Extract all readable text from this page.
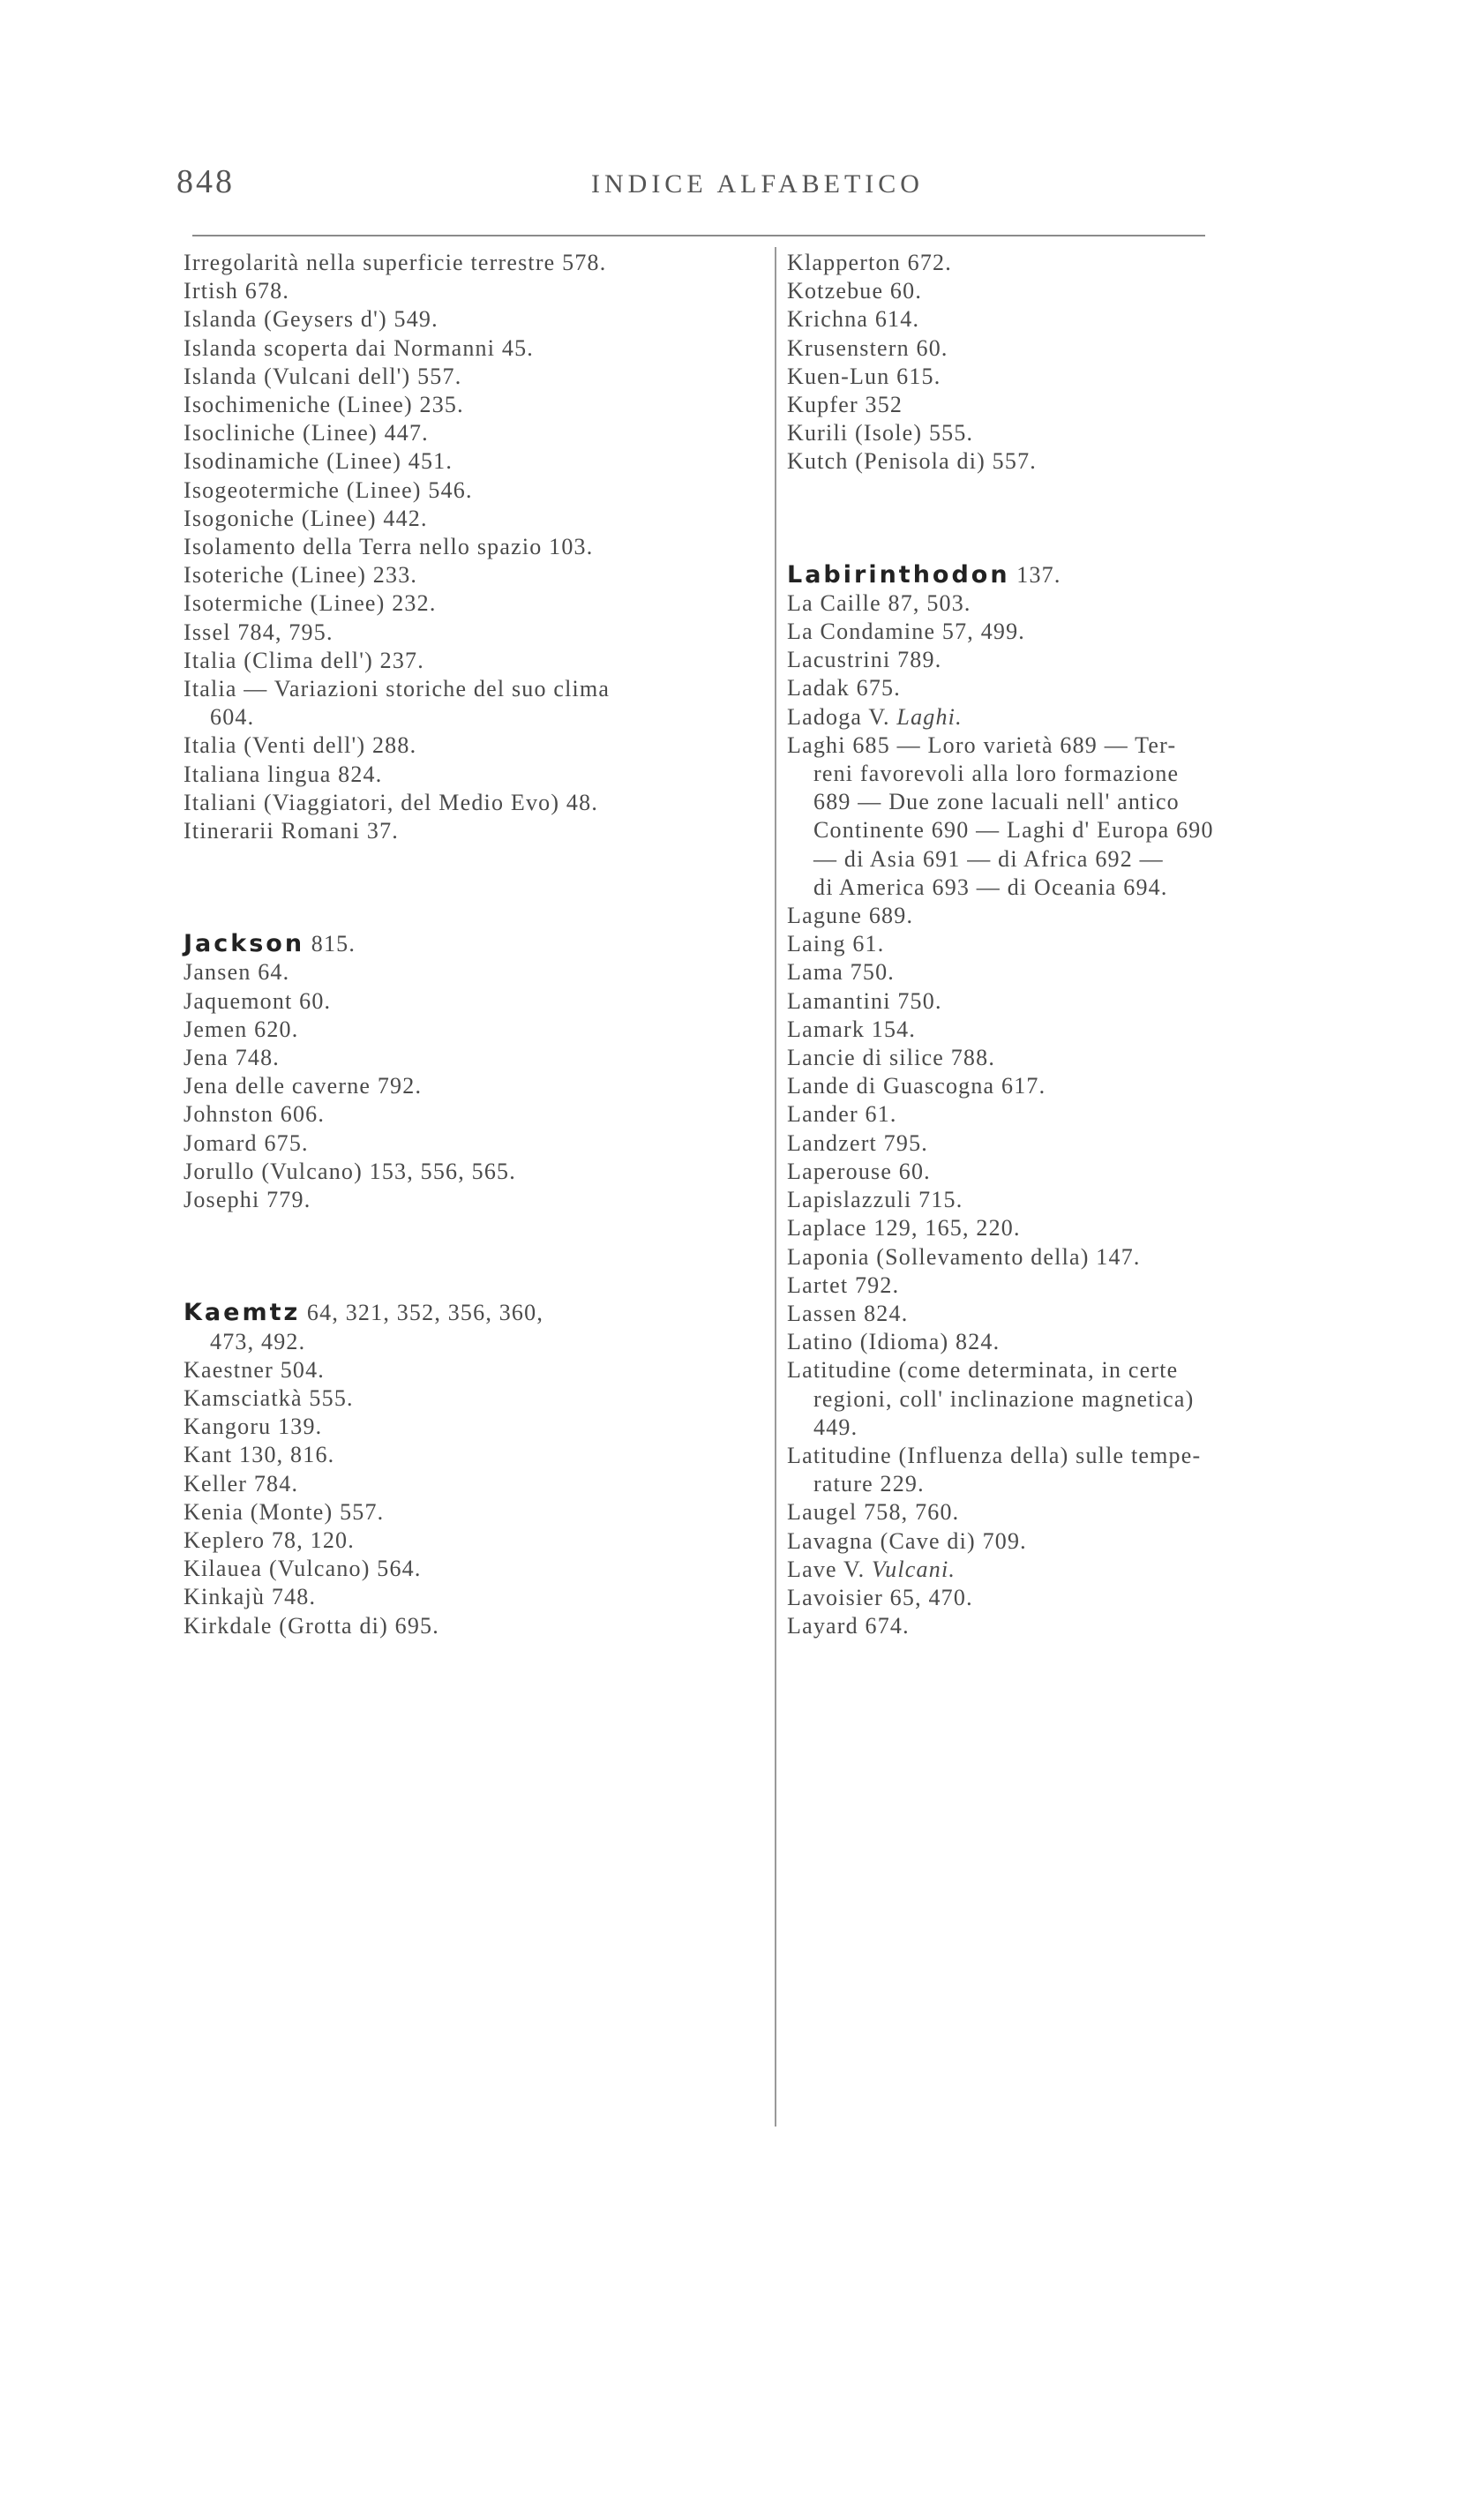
848	INDICE ALFABETICO

Irregolarità nella superficie terrestre 578.

Irtish 678.

Islanda (Geysers d') 549.

Islanda scoperta dai Normanni 45.

Islanda (Vulcani dell') 557.

Isochimeniche (Linee) 235.

Isocliniche (Linee) 447.

Isodinamiche (Linee) 451.

Isogeotermiche (Linee) 546.

Isogoniche (Linee) 442.

Isolamento della Terra nello spazio 103.

Isoteriche (Linee) 233.

Isotermiche (Linee) 232.

Issel 784, 795.

Italia (Clima dell') 237.

Italia — Variazioni storiche del suo clima

604.

Italia (Venti dell') 288.

Italiana lingua 824.

Italiani (Viaggiatori, del Medio Evo) 48.

Itinerarii Romani 37.

Jackson 815.

Jansen 64.

Jaquemont 60.

Jemen 620.

Jena 748.

Jena delle caverne 792.

Johnston 606.

Jomard 675.

Jorullo (Vulcano) 153, 556, 565.

Josephi 779.

Kaemtz 64, 321, 352, 356, 360,

473, 492.

Kaestner 504.

Kamsciatkà 555.

Kangoru 139.

Kant 130, 816.

Keller 784.

Kenia (Monte) 557.

Keplero 78, 120.

Kilauea (Vulcano) 564.

Kinkajù 748.

Kirkdale (Grotta di) 695.

Klapperton 672.

Kotzebue 60.

Krichna 614.

Krusenstern 60.

Kuen-Lun 615.

Kupfer 352

Kurili (Isole) 555.

Kutch (Penisola di) 557.

Labirinthodon 137.

La Caille 87, 503.

La Condamine 57, 499.

Lacustrini 789.

Ladak 675.

Ladoga V. Laghi.

Laghi 685 — Loro varietà 689 — Ter-

reni favorevoli alla loro formazione

689 — Due zone lacuali nell' antico

Continente 690 — Laghi d' Europa 690

— di Asia 691 — di Africa 692 —

di America 693 — di Oceania 694.

Lagune 689.

Laing 61.

Lama 750.

Lamantini 750.

Lamark 154.

Lancie di silice 788.

Lande di Guascogna 617.

Lander 61.

Landzert 795.

Laperouse 60.

Lapislazzuli 715.

Laplace 129, 165, 220.

Laponia (Sollevamento della) 147.

Lartet 792.

Lassen 824.

Latino (Idioma) 824.

Latitudine (come determinata, in certe

regioni, coll' inclinazione magnetica)

449.

Latitudine (Influenza della) sulle tempe-

rature 229.

Laugel 758, 760.

Lavagna (Cave di) 709.

Lave V. Vulcani.

Lavoisier 65, 470.

Layard 674.
